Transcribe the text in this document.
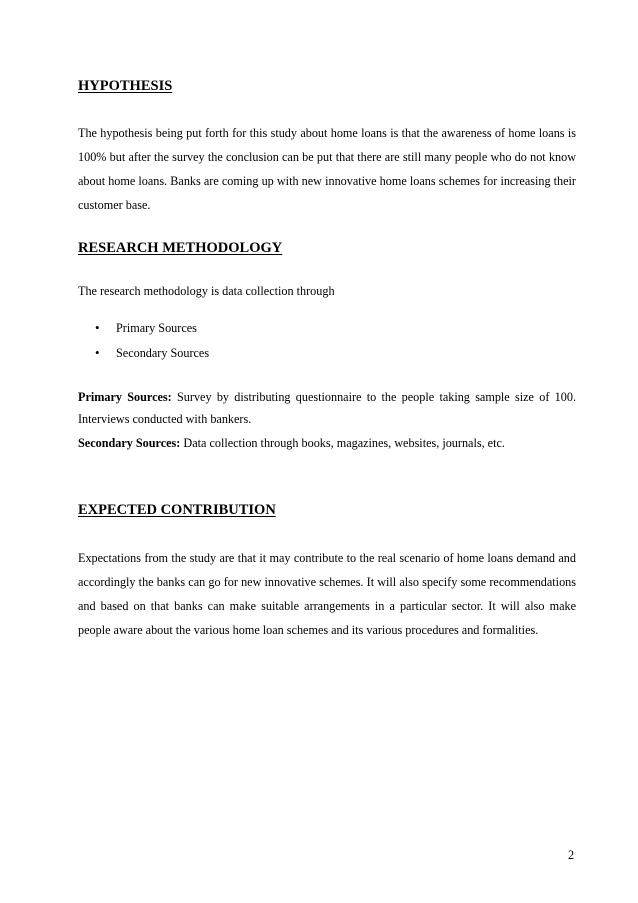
HYPOTHESIS
The hypothesis being put forth for this study about home loans is that the awareness of home loans is 100% but after the survey the conclusion can be put that there are still many people who do not know about home loans. Banks are coming up with new innovative home loans schemes for increasing their customer base.
RESEARCH METHODOLOGY
The research methodology is data collection through
• Primary Sources
• Secondary Sources
Primary Sources: Survey by distributing questionnaire to the people taking sample size of 100. Interviews conducted with bankers.
Secondary Sources: Data collection through books, magazines, websites, journals, etc.
EXPECTED CONTRIBUTION
Expectations from the study are that it may contribute to the real scenario of home loans demand and accordingly the banks can go for new innovative schemes. It will also specify some recommendations and based on that banks can make suitable arrangements in a particular sector. It will also make people aware about the various home loan schemes and its various procedures and formalities.
2
